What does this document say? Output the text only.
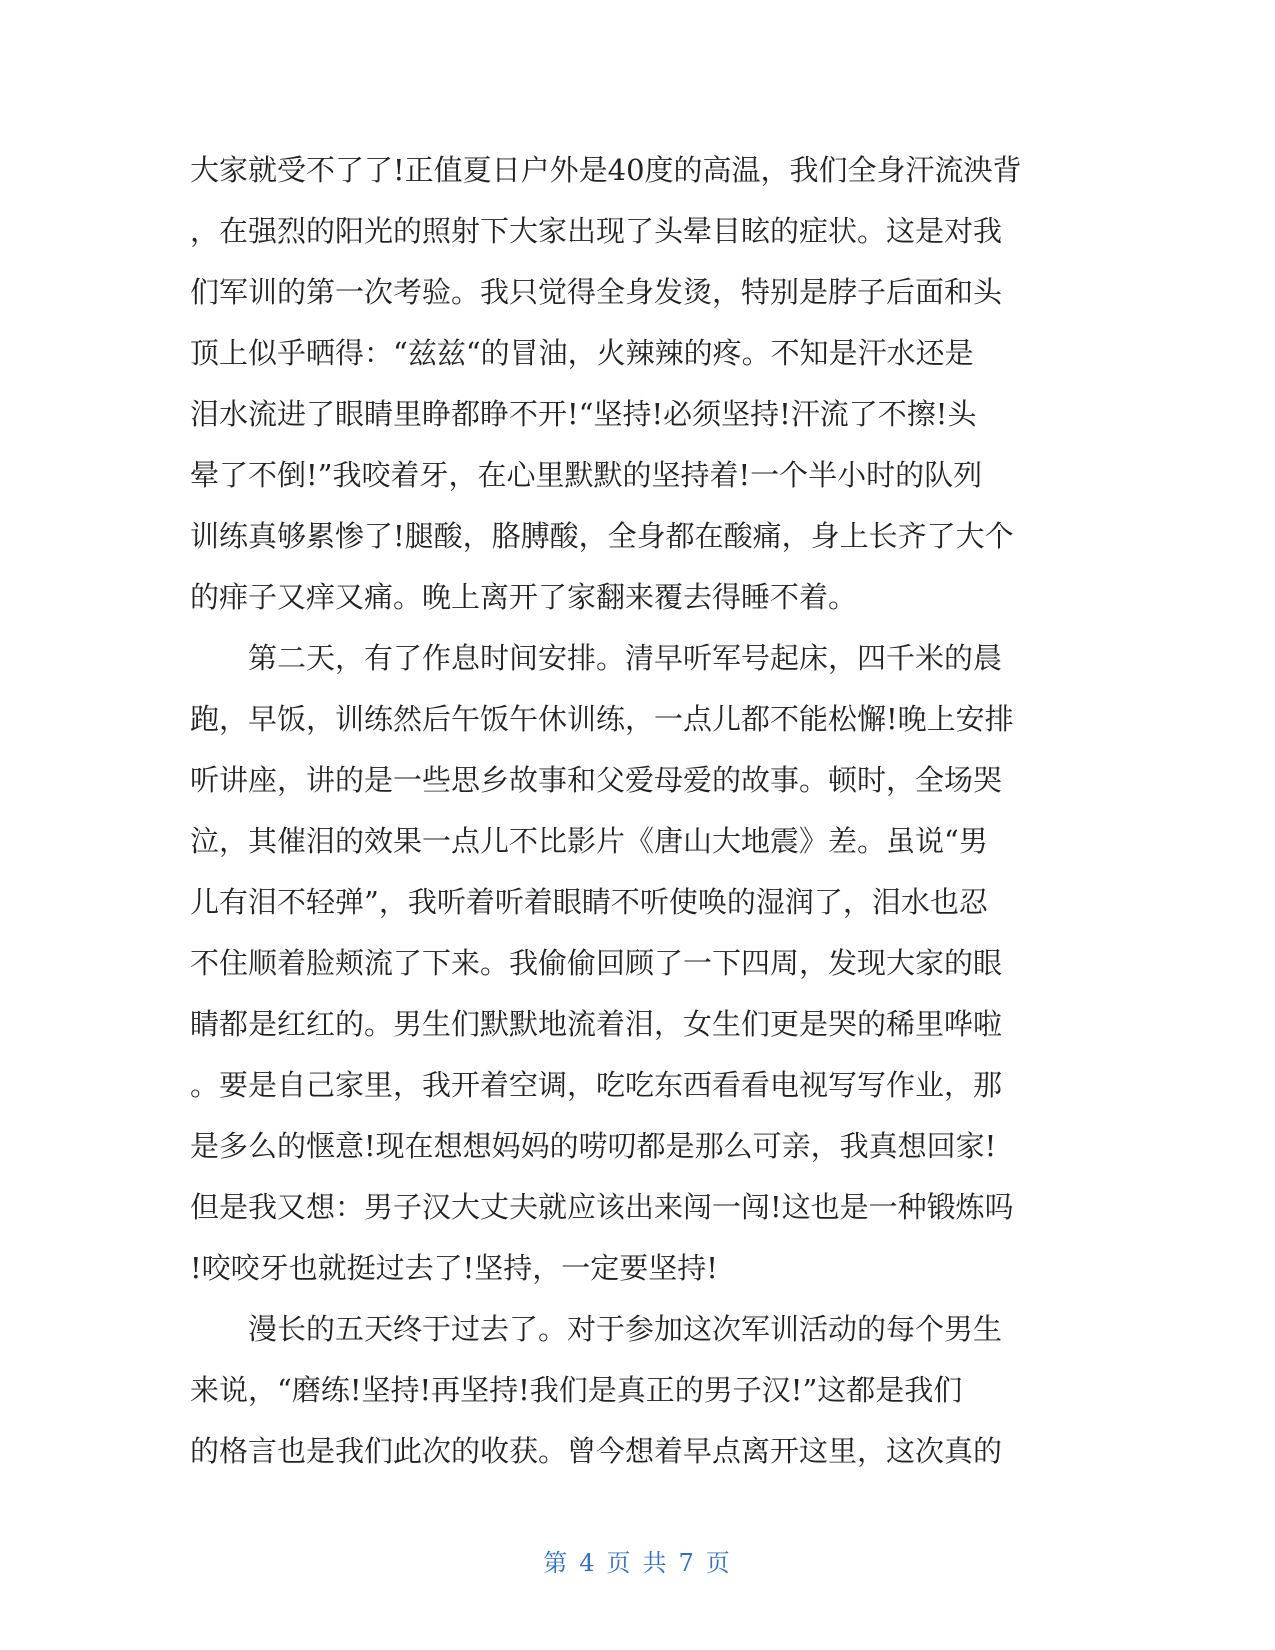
大家就受不了了!正值夏日户外是40度的高温，我们全身汗流泱背
，在强烈的阳光的照射下大家出现了头晕目眩的症状。这是对我
们军训的第一次考验。我只觉得全身发烫，特别是脖子后面和头
顶上似乎晒得：“兹兹“的冒油，火辣辣的疼。不知是汗水还是
泪水流进了眼睛里睁都睁不开!“坚持!必须坚持!汗流了不擦!头
晕了不倒!”我咬着牙，在心里默默的坚持着!一个半小时的队列
训练真够累惨了!腿酸，胳膊酸，全身都在酸痛，身上长齐了大个
的痱子又痒又痛。晚上离开了家翻来覆去得睡不着。
　　第二天，有了作息时间安排。清早听军号起床，四千米的晨
跑，早饭，训练然后午饭午休训练，一点儿都不能松懈!晚上安排
听讲座，讲的是一些思乡故事和父爱母爱的故事。顿时，全场哭
泣，其催泪的效果一点儿不比影片《唐山大地震》差。虽说“男
儿有泪不轻弹”，我听着听着眼睛不听使唤的湿润了，泪水也忍
不住顺着脸颊流了下来。我偷偷回顾了一下四周，发现大家的眼
睛都是红红的。男生们默默地流着泪，女生们更是哭的稀里哗啦
。要是自己家里，我开着空调，吃吃东西看看电视写写作业，那
是多么的惬意!现在想想妈妈的唠叨都是那么可亲，我真想回家!
但是我又想：男子汉大丈夫就应该出来闯一闯!这也是一种锻炼吗
!咬咬牙也就挺过去了!坚持，一定要坚持!
　　漫长的五天终于过去了。对于参加这次军训活动的每个男生
来说，“磨练!坚持!再坚持!我们是真正的男子汉!”这都是我们
的格言也是我们此次的收获。曾今想着早点离开这里，这次真的
第 4 页 共 7 页
